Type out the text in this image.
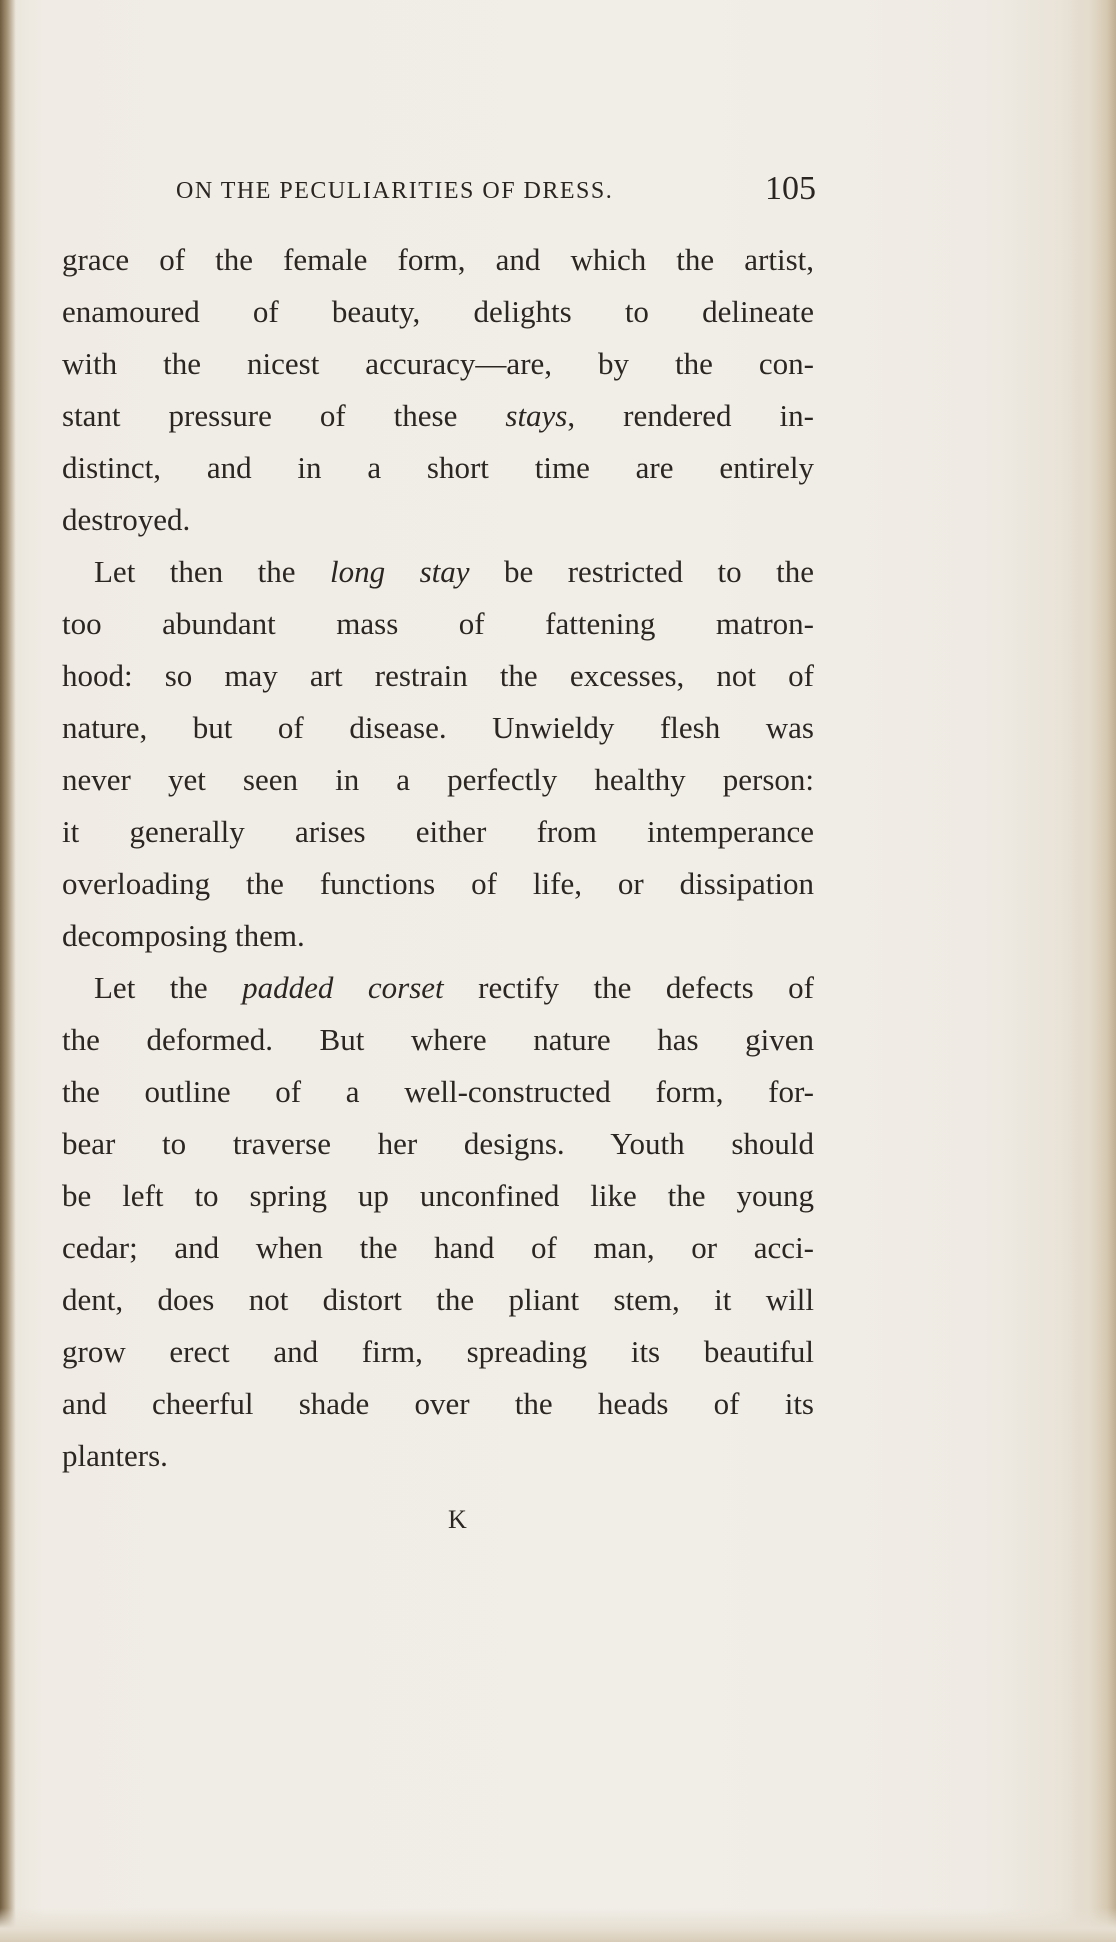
ON THE PECULIARITIES OF DRESS.	105
grace of the female form, and which the artist,
enamoured of beauty, delights to delineate
with the nicest accuracy—are, by the con-
stant pressure of these stays, rendered in-
distinct, and in a short time are entirely
destroyed.
Let then the long stay be restricted to the
too abundant mass of fattening matron-
hood: so may art restrain the excesses, not of
nature, but of disease. Unwieldy flesh was
never yet seen in a perfectly healthy person:
it generally arises either from intemperance
overloading the functions of life, or dissipation
decomposing them.
Let the padded corset rectify the defects of
the deformed. But where nature has given
the outline of a well-constructed form, for-
bear to traverse her designs. Youth should
be left to spring up unconfined like the young
cedar; and when the hand of man, or acci-
dent, does not distort the pliant stem, it will
grow erect and firm, spreading its beautiful
and cheerful shade over the heads of its
planters.
K
